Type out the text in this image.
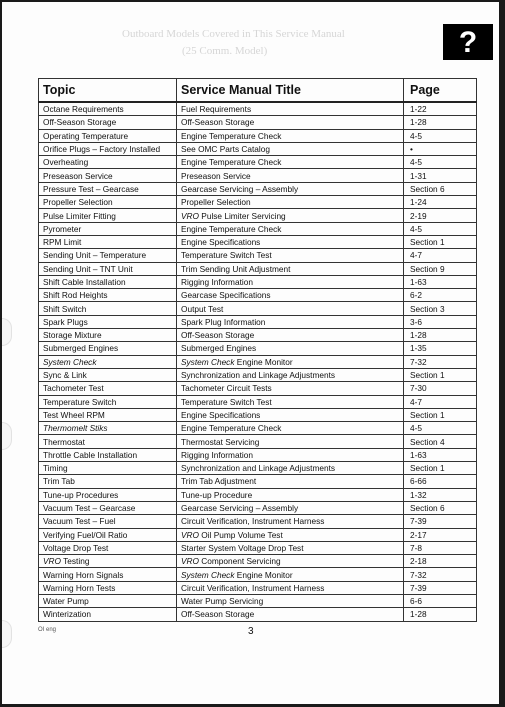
Outboard Models Covered in This Service Manual
(25 Comm. Model)	?
Topic	Service Manual Title	Page
Octane Requirements	Fuel Requirements	1-22
Off-Season Storage	Off-Season Storage	1-28
Operating Temperature	Engine Temperature Check	4-5
Orifice Plugs – Factory Installed	See OMC Parts Catalog	•
Overheating	Engine Temperature Check	4-5
Preseason Service	Preseason Service	1-31
Pressure Test – Gearcase	Gearcase Servicing – Assembly	Section 6
Propeller Selection	Propeller Selection	1-24
Pulse Limiter Fitting	VRO Pulse Limiter Servicing	2-19
Pyrometer	Engine Temperature Check	4-5
RPM Limit	Engine Specifications	Section 1
Sending Unit – Temperature	Temperature Switch Test	4-7
Sending Unit – TNT Unit	Trim Sending Unit Adjustment	Section 9
Shift Cable Installation	Rigging Information	1-63
Shift Rod Heights	Gearcase Specifications	6-2
Shift Switch	Output Test	Section 3
Spark Plugs	Spark Plug Information	3-6
Storage Mixture	Off-Season Storage	1-28
Submerged Engines	Submerged Engines	1-35
System Check	System Check Engine Monitor	7-32
Sync & Link	Synchronization and Linkage Adjustments	Section 1
Tachometer Test	Tachometer Circuit Tests	7-30
Temperature Switch	Temperature Switch Test	4-7
Test Wheel RPM	Engine Specifications	Section 1
Thermomelt Stiks	Engine Temperature Check	4-5
Thermostat	Thermostat Servicing	Section 4
Throttle Cable Installation	Rigging Information	1-63
Timing	Synchronization and Linkage Adjustments	Section 1
Trim Tab	Trim Tab Adjustment	6-66
Tune-up Procedures	Tune-up Procedure	1-32
Vacuum Test – Gearcase	Gearcase Servicing – Assembly	Section 6
Vacuum Test – Fuel	Circuit Verification, Instrument Harness	7-39
Verifying Fuel/Oil Ratio	VRO Oil Pump Volume Test	2-17
Voltage Drop Test	Starter System Voltage Drop Test	7-8
VRO Testing	VRO Component Servicing	2-18
Warning Horn Signals	System Check Engine Monitor	7-32
Warning Horn Tests	Circuit Verification, Instrument Harness	7-39
Water Pump	Water Pump Servicing	6-6
Winterization	Off-Season Storage	1-28
OI eng	3
